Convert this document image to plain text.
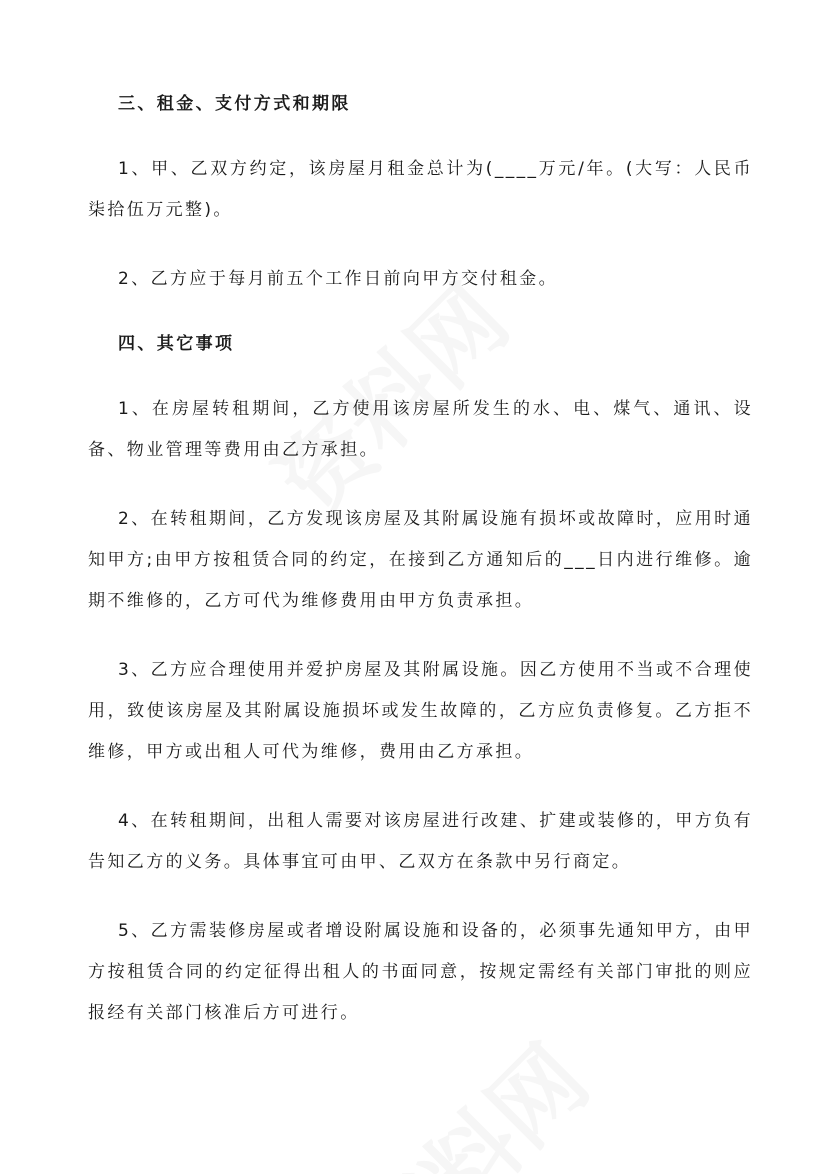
三、租金、支付方式和期限

1、甲、乙双方约定，该房屋月租金总计为(____万元/年。(大写：人民币柒拾伍万元整)。

2、乙方应于每月前五个工作日前向甲方交付租金。

四、其它事项

1、在房屋转租期间，乙方使用该房屋所发生的水、电、煤气、通讯、设备、物业管理等费用由乙方承担。

2、在转租期间，乙方发现该房屋及其附属设施有损坏或故障时，应用时通知甲方;由甲方按租赁合同的约定，在接到乙方通知后的___日内进行维修。逾期不维修的，乙方可代为维修费用由甲方负责承担。

3、乙方应合理使用并爱护房屋及其附属设施。因乙方使用不当或不合理使用，致使该房屋及其附属设施损坏或发生故障的，乙方应负责修复。乙方拒不维修，甲方或出租人可代为维修，费用由乙方承担。

4、在转租期间，出租人需要对该房屋进行改建、扩建或装修的，甲方负有告知乙方的义务。具体事宜可由甲、乙双方在条款中另行商定。

5、乙方需装修房屋或者增设附属设施和设备的，必须事先通知甲方，由甲方按租赁合同的约定征得出租人的书面同意，按规定需经有关部门审批的则应报经有关部门核准后方可进行。
